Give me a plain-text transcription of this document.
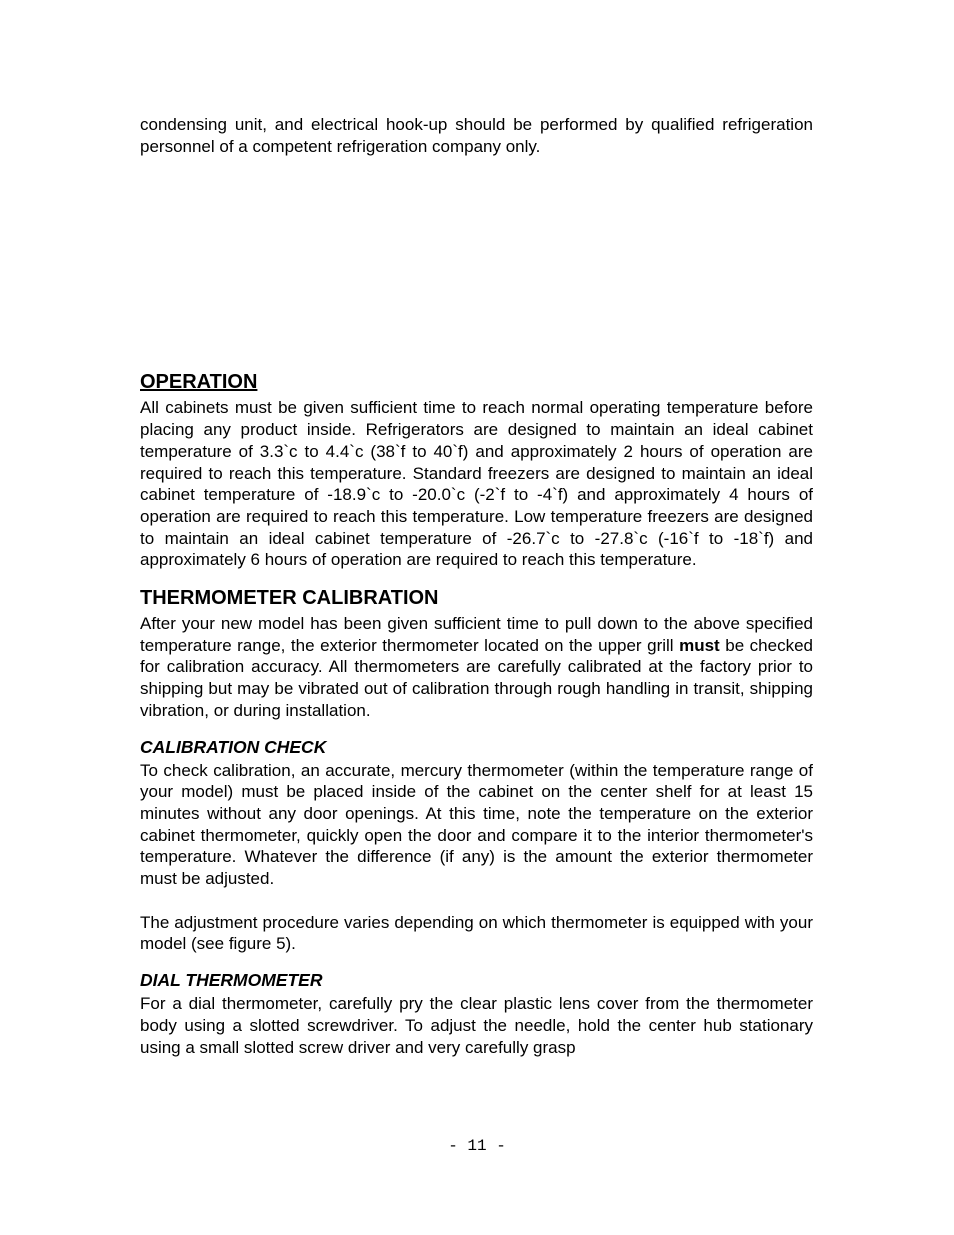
condensing unit, and electrical hook-up should be performed by qualified refrigeration personnel of a competent refrigeration company only.

OPERATION

All cabinets must be given sufficient time to reach normal operating temperature before placing any product inside. Refrigerators are designed to maintain an ideal cabinet temperature of 3.3`c to 4.4`c (38`f to 40`f) and approximately 2 hours of operation are required to reach this temperature. Standard freezers are designed to maintain an ideal cabinet temperature of -18.9`c to -20.0`c (-2`f to -4`f) and approximately 4 hours of operation are required to reach this temperature. Low temperature freezers are designed to maintain an ideal cabinet temperature of -26.7`c to -27.8`c (-16`f to -18`f) and approximately 6 hours of operation are required to reach this temperature.

THERMOMETER CALIBRATION

After your new model has been given sufficient time to pull down to the above specified temperature range, the exterior thermometer located on the upper grill must be checked for calibration accuracy. All thermometers are carefully calibrated at the factory prior to shipping but may be vibrated out of calibration through rough handling in transit, shipping vibration, or during installation.

CALIBRATION CHECK

To check calibration, an accurate, mercury thermometer (within the temperature range of your model) must be placed inside of the cabinet on the center shelf for at least 15 minutes without any door openings. At this time, note the temperature on the exterior cabinet thermometer, quickly open the door and compare it to the interior thermometer's temperature. Whatever the difference (if any) is the amount the exterior thermometer must be adjusted.

The adjustment procedure varies depending on which thermometer is equipped with your model (see figure 5).

DIAL THERMOMETER

For a dial thermometer, carefully pry the clear plastic lens cover from the thermometer body using a slotted screwdriver. To adjust the needle, hold the center hub stationary using a small slotted screw driver and very carefully grasp

- 11 -
